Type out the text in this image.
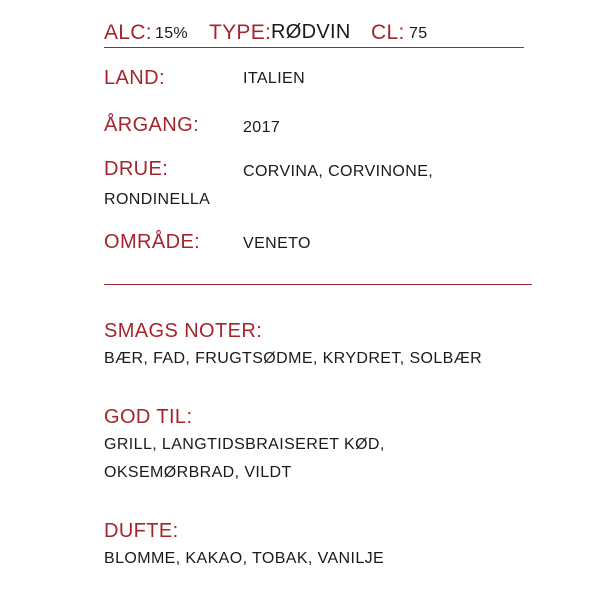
ALC: 15% TYPE: RØDVIN CL: 75
LAND:	ITALIEN
ÅRGANG:	2017
DRUE:	CORVINA, CORVINONE,
RONDINELLA
OMRÅDE:	VENETO
SMAGS NOTER:
BÆR, FAD, FRUGTSØDME, KRYDRET, SOLBÆR
GOD TIL:
GRILL, LANGTIDSBRAISERET KØD,
OKSEMØRBRAD, VILDT
DUFTE:
BLOMME, KAKAO, TOBAK, VANILJE
